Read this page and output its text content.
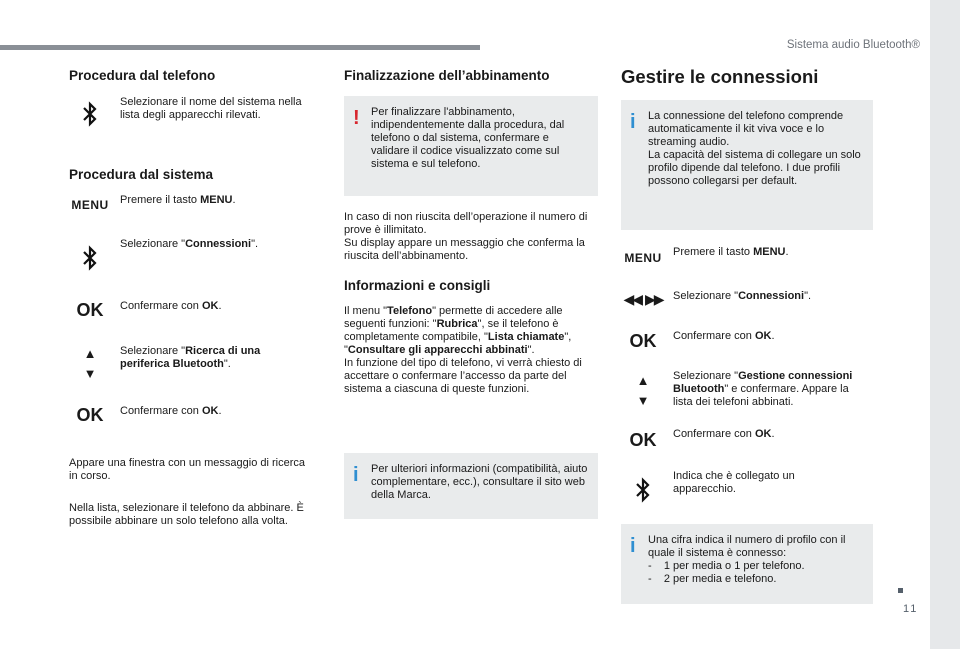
Sistema audio Bluetooth®
11

Procedura dal telefono

Selezionare il nome del sistema nella lista degli apparecchi rilevati.

Procedura dal sistema

MENU	Premere il tasto MENU.
Selezionare "Connessioni".
OK	Confermare con OK.
▲
▼
Selezionare "Ricerca di una periferica Bluetooth".
OK	Confermare con OK.
Appare una finestra con un messaggio di ricerca in corso.
Nella lista, selezionare il telefono da abbinare. È possibile abbinare un solo telefono alla volta.

Finalizzazione dell’abbinamento

! Per finalizzare l'abbinamento, indipendentemente dalla procedura, dal telefono o dal sistema, confermare e validare il codice visualizzato come sul sistema e sul telefono.
In caso di non riuscita dell’operazione il numero di prove è illimitato.
Su display appare un messaggio che conferma la riuscita dell’abbinamento.

Informazioni e consigli

Il menu "Telefono" permette di accedere alle seguenti funzioni: "Rubrica", se il telefono è completamente compatibile, "Lista chiamate", "Consultare gli apparecchi abbinati".
In funzione del tipo di telefono, vi verrà chiesto di accettare o confermare l’accesso da parte del sistema a ciascuna di queste funzioni.
i Per ulteriori informazioni (compatibilità, aiuto complementare, ecc.), consultare il sito web della Marca.

Gestire le connessioni

i La connessione del telefono comprende automaticamente il kit viva voce e lo streaming audio.
La capacità del sistema di collegare un solo profilo dipende dal telefono. I due profili possono collegarsi per default.
MENU	Premere il tasto MENU.
◀◀ ▶▶ Selezionare "Connessioni".
OK	Confermare con OK.
▲
▼
Selezionare "Gestione connessioni Bluetooth" e confermare. Appare la lista dei telefoni abbinati.
OK	Confermare con OK.
Indica che è collegato un apparecchio.
i Una cifra indica il numero di profilo con il quale il sistema è connesso:
-    1 per media o 1 per telefono.
-    2 per media e telefono.
